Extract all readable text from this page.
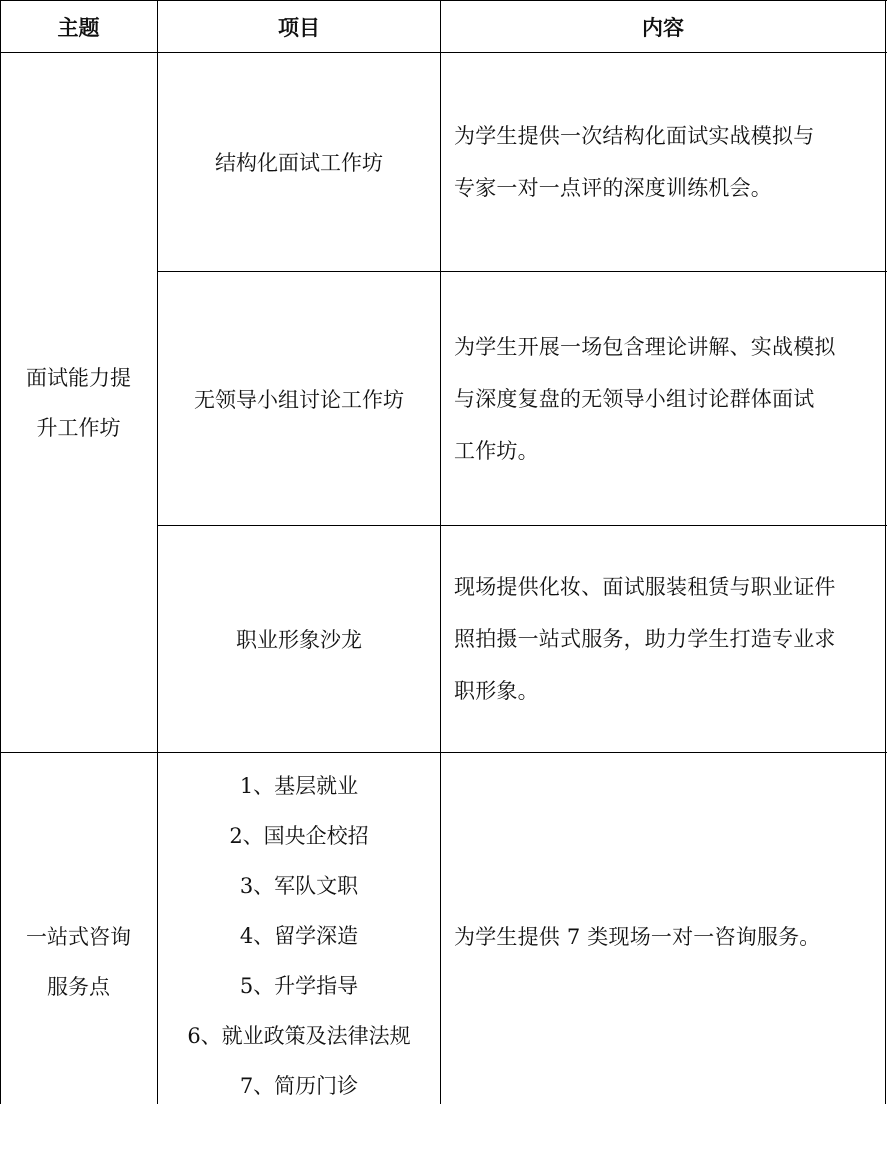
主题	项目	内容
面试能力提
升工作坊
结构化面试工作坊
为学生提供一次结构化面试实战模拟与
专家一对一点评的深度训练机会。
无领导小组讨论工作坊
为学生开展一场包含理论讲解、实战模拟
与深度复盘的无领导小组讨论群体面试
工作坊。
职业形象沙龙
现场提供化妆、面试服装租赁与职业证件
照拍摄一站式服务，助力学生打造专业求
职形象。
一站式咨询
服务点
1、基层就业
2、国央企校招
3、军队文职
4、留学深造
5、升学指导
6、就业政策及法律法规
7、简历门诊
为学生提供 7 类现场一对一咨询服务。
